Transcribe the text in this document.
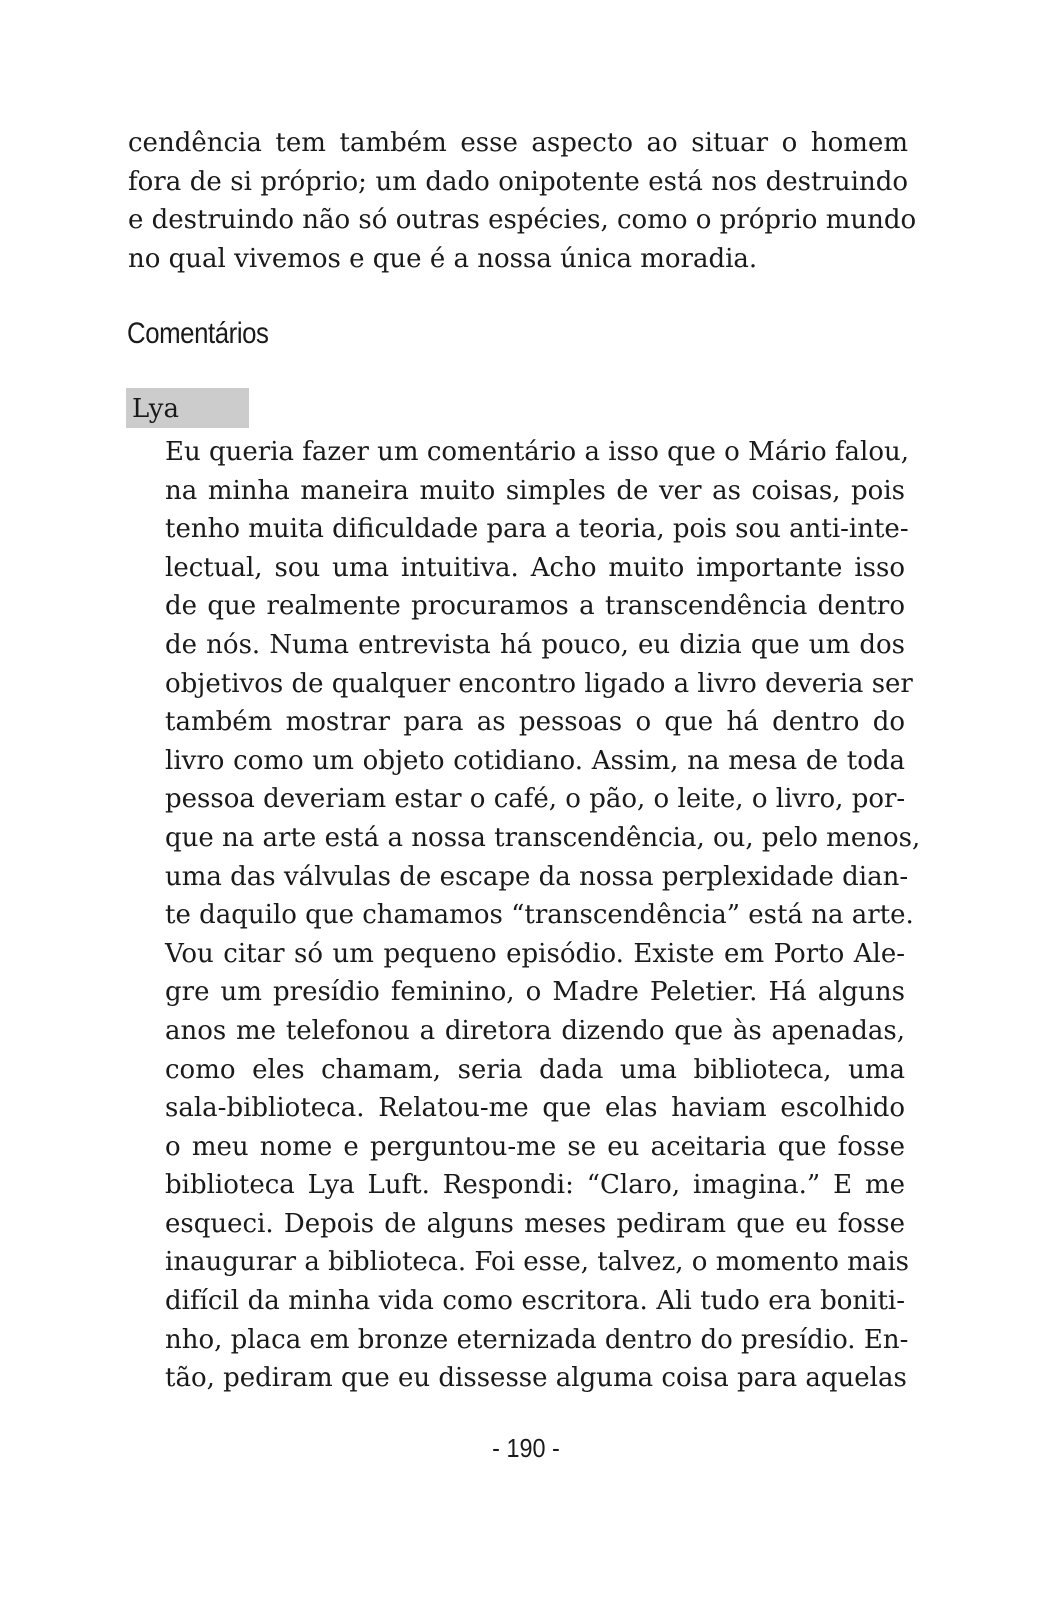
cendência tem também esse aspecto ao situar o homem
fora de si próprio; um dado onipotente está nos destruindo
e destruindo não só outras espécies, como o próprio mundo
no qual vivemos e que é a nossa única moradia.
Comentários
Lya
Eu queria fazer um comentário a isso que o Mário falou,
na minha maneira muito simples de ver as coisas, pois
tenho muita dificuldade para a teoria, pois sou anti-inte-
lectual, sou uma intuitiva. Acho muito importante isso
de que realmente procuramos a transcendência dentro
de nós. Numa entrevista há pouco, eu dizia que um dos
objetivos de qualquer encontro ligado a livro deveria ser
também mostrar para as pessoas o que há dentro do
livro como um objeto cotidiano. Assim, na mesa de toda
pessoa deveriam estar o café, o pão, o leite, o livro, por-
que na arte está a nossa transcendência, ou, pelo menos,
uma das válvulas de escape da nossa perplexidade dian-
te daquilo que chamamos “transcendência” está na arte.
Vou citar só um pequeno episódio. Existe em Porto Ale-
gre um presídio feminino, o Madre Peletier. Há alguns
anos me telefonou a diretora dizendo que às apenadas,
como eles chamam, seria dada uma biblioteca, uma
sala-biblioteca. Relatou-me que elas haviam escolhido
o meu nome e perguntou-me se eu aceitaria que fosse
biblioteca Lya Luft. Respondi: “Claro, imagina.” E me
esqueci. Depois de alguns meses pediram que eu fosse
inaugurar a biblioteca. Foi esse, talvez, o momento mais
difícil da minha vida como escritora. Ali tudo era boniti-
nho, placa em bronze eternizada dentro do presídio. En-
tão, pediram que eu dissesse alguma coisa para aquelas
- 190 -
